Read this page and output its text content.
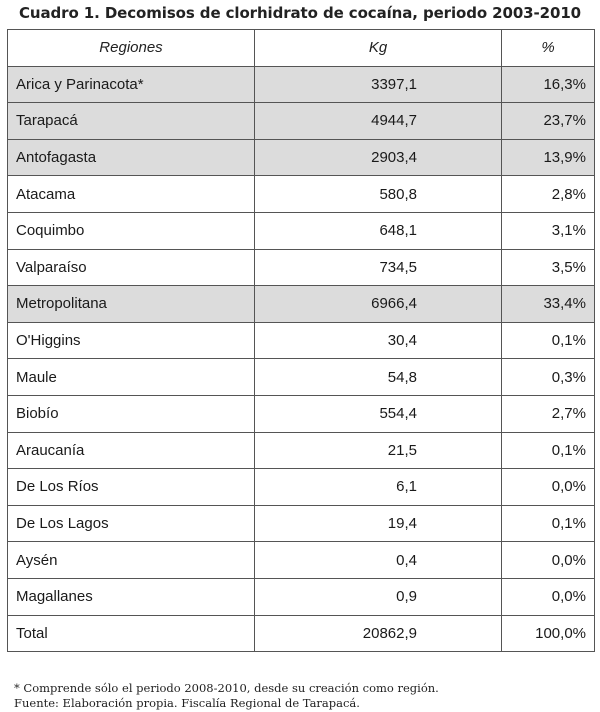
Cuadro 1. Decomisos de clorhidrato de cocaína, periodo 2003-2010
Regiones	Kg	%
Arica y Parinacota*	3397,1	16,3%
Tarapacá	4944,7	23,7%
Antofagasta	2903,4	13,9%
Atacama	580,8	2,8%
Coquimbo	648,1	3,1%
Valparaíso	734,5	3,5%
Metropolitana	6966,4	33,4%
O'Higgins	30,4	0,1%
Maule	54,8	0,3%
Biobío	554,4	2,7%
Araucanía	21,5	0,1%
De Los Ríos	6,1	0,0%
De Los Lagos	19,4	0,1%
Aysén	0,4	0,0%
Magallanes	0,9	0,0%
Total	20862,9	100,0%
* Comprende sólo el periodo 2008-2010, desde su creación como región.
Fuente: Elaboración propia. Fiscalía Regional de Tarapacá.
